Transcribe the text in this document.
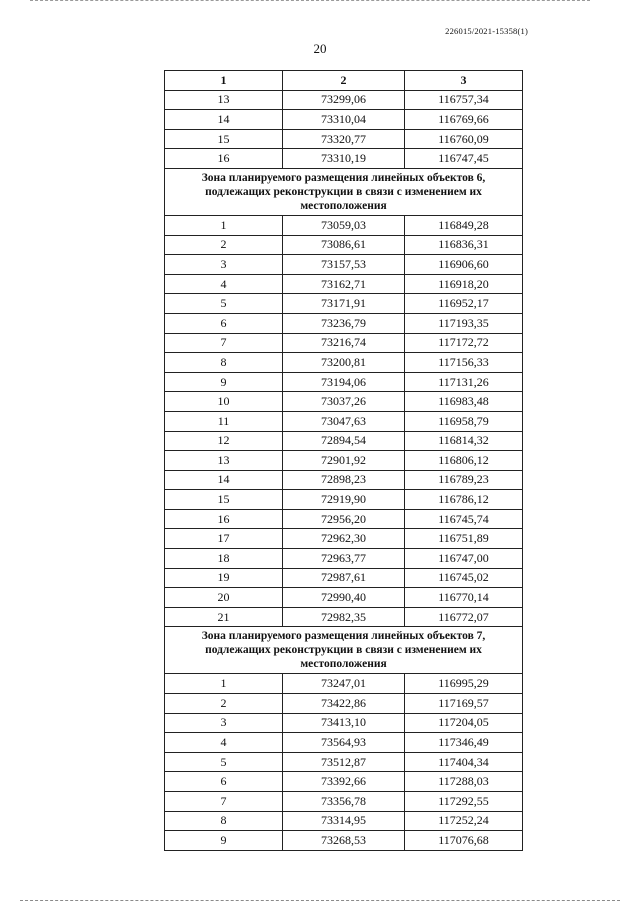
226015/2021-15358(1)
20
1	2	3
13	73299,06	116757,34
14	73310,04	116769,66
15	73320,77	116760,09
16	73310,19	116747,45
Зона планируемого размещения линейных объектов 6, подлежащих реконструкции в связи с изменением их местоположения		
1	73059,03	116849,28
2	73086,61	116836,31
3	73157,53	116906,60
4	73162,71	116918,20
5	73171,91	116952,17
6	73236,79	117193,35
7	73216,74	117172,72
8	73200,81	117156,33
9	73194,06	117131,26
10	73037,26	116983,48
11	73047,63	116958,79
12	72894,54	116814,32
13	72901,92	116806,12
14	72898,23	116789,23
15	72919,90	116786,12
16	72956,20	116745,74
17	72962,30	116751,89
18	72963,77	116747,00
19	72987,61	116745,02
20	72990,40	116770,14
21	72982,35	116772,07
Зона планируемого размещения линейных объектов 7, подлежащих реконструкции в связи с изменением их местоположения		
1	73247,01	116995,29
2	73422,86	117169,57
3	73413,10	117204,05
4	73564,93	117346,49
5	73512,87	117404,34
6	73392,66	117288,03
7	73356,78	117292,55
8	73314,95	117252,24
9	73268,53	117076,68
